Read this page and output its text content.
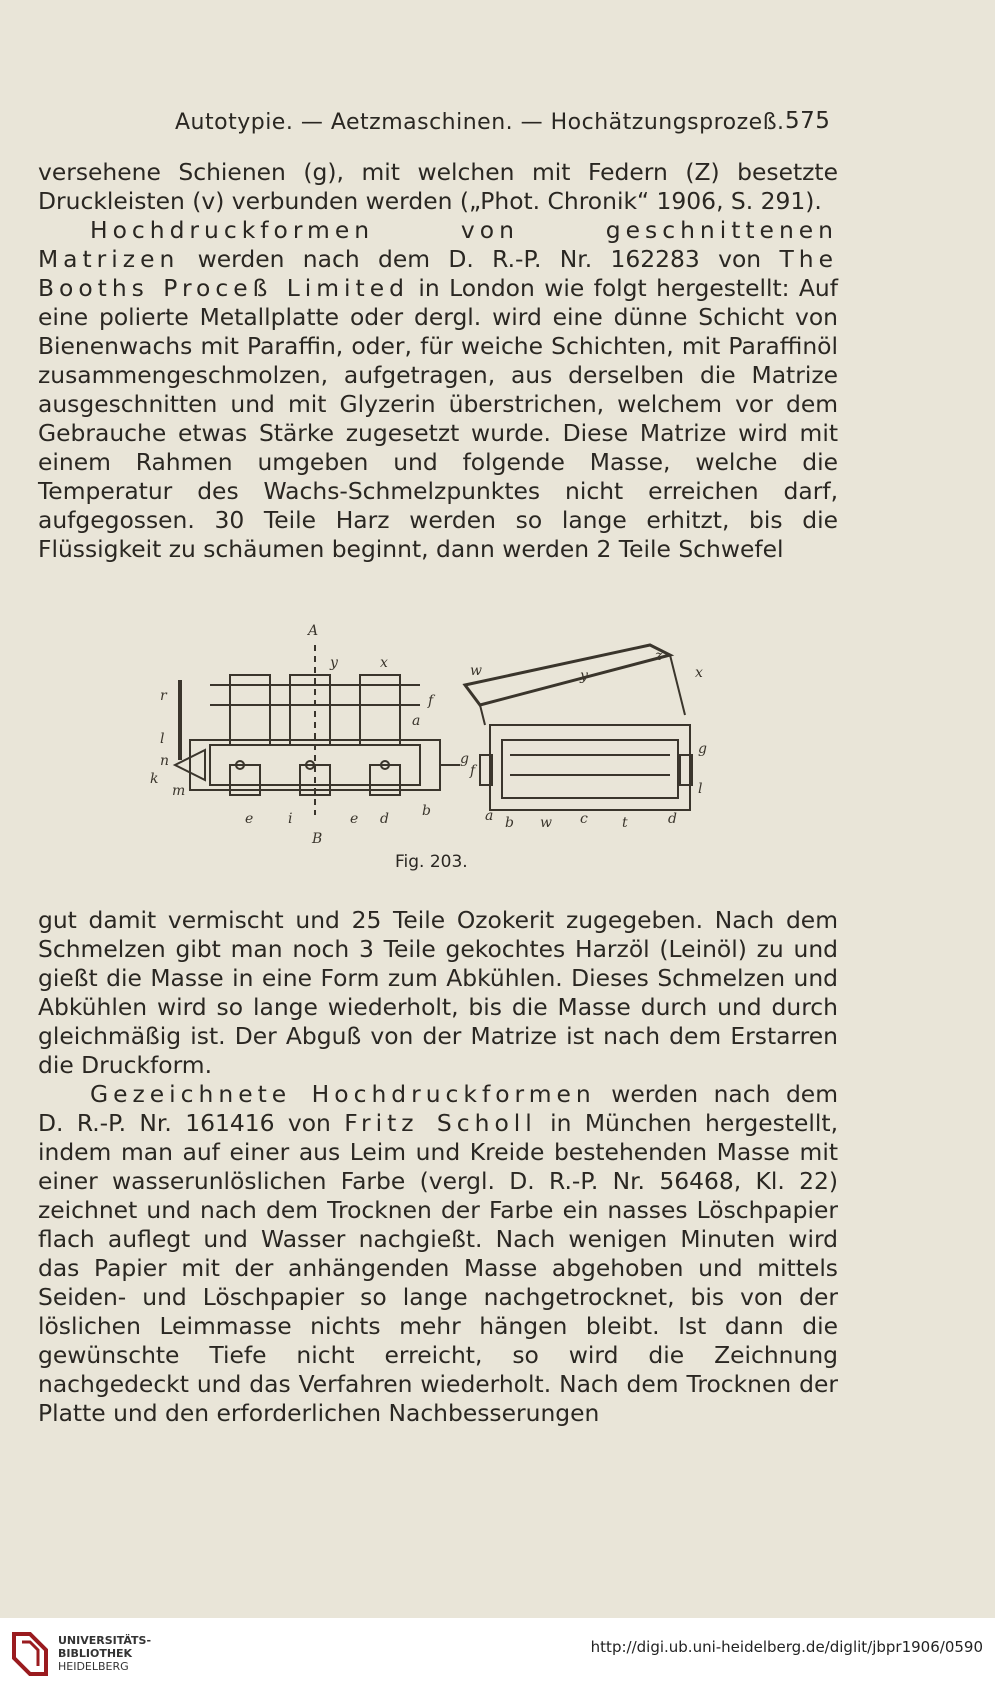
Autotypie. — Aetzmaschinen. — Hochätzungsprozeß. 575

versehene Schienen (g), mit welchen mit Federn (Z) besetzte Druckleisten (v) verbunden werden („Phot. Chronik“ 1906, S. 291).

Hochdruckformen von geschnittenen Matrizen werden nach dem D. R.-P. Nr. 162283 von The Booths Proceß Limited in London wie folgt hergestellt: Auf eine polierte Metallplatte oder dergl. wird eine dünne Schicht von Bienenwachs mit Paraffin, oder, für weiche Schichten, mit Paraffinöl zusammengeschmolzen, aufgetragen, aus derselben die Matrize ausgeschnitten und mit Glyzerin überstrichen, welchem vor dem Gebrauche etwas Stärke zugesetzt wurde. Diese Matrize wird mit einem Rahmen umgeben und folgende Masse, welche die Temperatur des Wachs-Schmelzpunktes nicht erreichen darf, aufgegossen. 30 Teile Harz werden so lange erhitzt, bis die Flüssigkeit zu schäumen beginnt, dann werden 2 Teile Schwefel

A
y	x
f
a
r
l
n
k
m
g
e i	e d b
B
z
y	x
w
f
g
l
a b w c t	d
Fig. 203.

gut damit vermischt und 25 Teile Ozokerit zugegeben. Nach dem Schmelzen gibt man noch 3 Teile gekochtes Harzöl (Leinöl) zu und gießt die Masse in eine Form zum Abkühlen. Dieses Schmelzen und Abkühlen wird so lange wiederholt, bis die Masse durch und durch gleichmäßig ist. Der Abguß von der Matrize ist nach dem Erstarren die Druckform.

Gezeichnete Hochdruckformen werden nach dem D. R.-P. Nr. 161416 von Fritz Scholl in München hergestellt, indem man auf einer aus Leim und Kreide bestehenden Masse mit einer wasserunlöslichen Farbe (vergl. D. R.-P. Nr. 56468, Kl. 22) zeichnet und nach dem Trocknen der Farbe ein nasses Löschpapier flach auflegt und Wasser nachgießt. Nach wenigen Minuten wird das Papier mit der anhängenden Masse abgehoben und mittels Seiden- und Löschpapier so lange nachgetrocknet, bis von der löslichen Leimmasse nichts mehr hängen bleibt. Ist dann die gewünschte Tiefe nicht erreicht, so wird die Zeichnung nachgedeckt und das Verfahren wiederholt. Nach dem Trocknen der Platte und den erforderlichen Nachbesserungen

UNIVERSITÄTS-
BIBLIOTHEK
HEIDELBERG
http://digi.ub.uni-heidelberg.de/diglit/jbpr1906/0590
